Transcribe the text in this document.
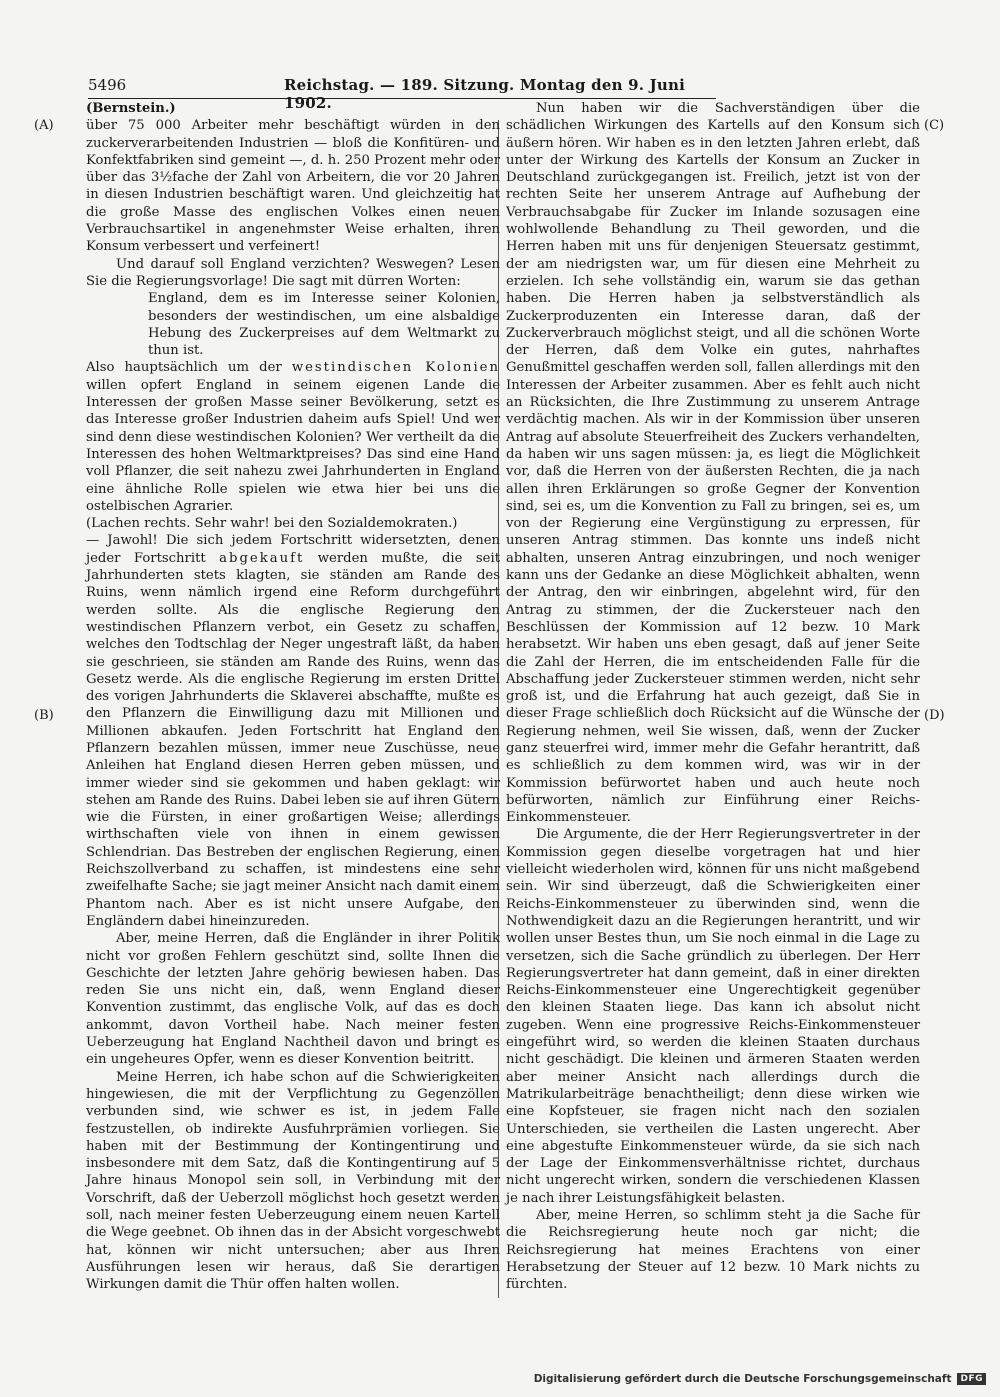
5496	Reichstag. — 189. Sitzung. Montag den 9. Juni 1902.
(A)
(B)
(C)
(D)

(Bernstein.)

über 75 000 Arbeiter mehr beschäftigt würden in den zuckerverarbeitenden Industrien — bloß die Konfitüren- und Konfektfabriken sind gemeint —, d. h. 250 Prozent mehr oder über das 3½fache der Zahl von Arbeitern, die vor 20 Jahren in diesen Industrien beschäftigt waren. Und gleichzeitig hat die große Masse des englischen Volkes einen neuen Verbrauchsartikel in angenehmster Weise erhalten, ihren Konsum verbessert und verfeinert!

Und darauf soll England verzichten? Weswegen? Lesen Sie die Regierungsvorlage! Die sagt mit dürren Worten:

England, dem es im Interesse seiner Kolonien, besonders der westindischen, um eine alsbaldige Hebung des Zuckerpreises auf dem Weltmarkt zu thun ist.

Also hauptsächlich um der westindischen Kolonien willen opfert England in seinem eigenen Lande die Interessen der großen Masse seiner Bevölkerung, setzt es das Interesse großer Industrien daheim aufs Spiel! Und wer sind denn diese westindischen Kolonien? Wer vertheilt da die Interessen des hohen Weltmarktpreises? Das sind eine Hand voll Pflanzer, die seit nahezu zwei Jahrhunderten in England eine ähnliche Rolle spielen wie etwa hier bei uns die ostelbischen Agrarier.

(Lachen rechts. Sehr wahr! bei den Sozialdemokraten.)

— Jawohl! Die sich jedem Fortschritt widersetzten, denen jeder Fortschritt abgekauft werden mußte, die seit Jahrhunderten stets klagten, sie ständen am Rande des Ruins, wenn nämlich irgend eine Reform durchgeführt werden sollte. Als die englische Regierung den westindischen Pflanzern verbot, ein Gesetz zu schaffen, welches den Todtschlag der Neger ungestraft läßt, da haben sie geschrieen, sie ständen am Rande des Ruins, wenn das Gesetz werde. Als die englische Regierung im ersten Drittel des vorigen Jahrhunderts die Sklaverei abschaffte, mußte es den Pflanzern die Einwilligung dazu mit Millionen und Millionen abkaufen. Jeden Fortschritt hat England den Pflanzern bezahlen müssen, immer neue Zuschüsse, neue Anleihen hat England diesen Herren geben müssen, und immer wieder sind sie gekommen und haben geklagt: wir stehen am Rande des Ruins. Dabei leben sie auf ihren Gütern wie die Fürsten, in einer großartigen Weise; allerdings wirthschaften viele von ihnen in einem gewissen Schlendrian. Das Bestreben der englischen Regierung, einen Reichszollverband zu schaffen, ist mindestens eine sehr zweifelhafte Sache; sie jagt meiner Ansicht nach damit einem Phantom nach. Aber es ist nicht unsere Aufgabe, den Engländern dabei hineinzureden.

Aber, meine Herren, daß die Engländer in ihrer Politik nicht vor großen Fehlern geschützt sind, sollte Ihnen die Geschichte der letzten Jahre gehörig bewiesen haben. Das reden Sie uns nicht ein, daß, wenn England dieser Konvention zustimmt, das englische Volk, auf das es doch ankommt, davon Vortheil habe. Nach meiner festen Ueberzeugung hat England Nachtheil davon und bringt es ein ungeheures Opfer, wenn es dieser Konvention beitritt.

Meine Herren, ich habe schon auf die Schwierigkeiten hingewiesen, die mit der Verpflichtung zu Gegenzöllen verbunden sind, wie schwer es ist, in jedem Falle festzustellen, ob indirekte Ausfuhrprämien vorliegen. Sie haben mit der Bestimmung der Kontingentirung und insbesondere mit dem Satz, daß die Kontingentirung auf 5 Jahre hinaus Monopol sein soll, in Verbindung mit der Vorschrift, daß der Ueberzoll möglichst hoch gesetzt werden soll, nach meiner festen Ueberzeugung einem neuen Kartell die Wege geebnet. Ob ihnen das in der Absicht vorgeschwebt hat, können wir nicht untersuchen; aber aus Ihren Ausführungen lesen wir heraus, daß Sie derartigen Wirkungen damit die Thür offen halten wollen.

Nun haben wir die Sachverständigen über die schädlichen Wirkungen des Kartells auf den Konsum sich äußern hören. Wir haben es in den letzten Jahren erlebt, daß unter der Wirkung des Kartells der Konsum an Zucker in Deutschland zurückgegangen ist. Freilich, jetzt ist von der rechten Seite her unserem Antrage auf Aufhebung der Verbrauchsabgabe für Zucker im Inlande sozusagen eine wohlwollende Behandlung zu Theil geworden, und die Herren haben mit uns für denjenigen Steuersatz gestimmt, der am niedrigsten war, um für diesen eine Mehrheit zu erzielen. Ich sehe vollständig ein, warum sie das gethan haben. Die Herren haben ja selbstverständlich als Zuckerproduzenten ein Interesse daran, daß der Zuckerverbrauch möglichst steigt, und all die schönen Worte der Herren, daß dem Volke ein gutes, nahrhaftes Genußmittel geschaffen werden soll, fallen allerdings mit den Interessen der Arbeiter zusammen. Aber es fehlt auch nicht an Rücksichten, die Ihre Zustimmung zu unserem Antrage verdächtig machen. Als wir in der Kommission über unseren Antrag auf absolute Steuerfreiheit des Zuckers verhandelten, da haben wir uns sagen müssen: ja, es liegt die Möglichkeit vor, daß die Herren von der äußersten Rechten, die ja nach allen ihren Erklärungen so große Gegner der Konvention sind, sei es, um die Konvention zu Fall zu bringen, sei es, um von der Regierung eine Vergünstigung zu erpressen, für unseren Antrag stimmen. Das konnte uns indeß nicht abhalten, unseren Antrag einzubringen, und noch weniger kann uns der Gedanke an diese Möglichkeit abhalten, wenn der Antrag, den wir einbringen, abgelehnt wird, für den Antrag zu stimmen, der die Zuckersteuer nach den Beschlüssen der Kommission auf 12 bezw. 10 Mark herabsetzt. Wir haben uns eben gesagt, daß auf jener Seite die Zahl der Herren, die im entscheidenden Falle für die Abschaffung jeder Zuckersteuer stimmen werden, nicht sehr groß ist, und die Erfahrung hat auch gezeigt, daß Sie in dieser Frage schließlich doch Rücksicht auf die Wünsche der Regierung nehmen, weil Sie wissen, daß, wenn der Zucker ganz steuerfrei wird, immer mehr die Gefahr herantritt, daß es schließlich zu dem kommen wird, was wir in der Kommission befürwortet haben und auch heute noch befürworten, nämlich zur Einführung einer Reichs-Einkommensteuer.

Die Argumente, die der Herr Regierungsvertreter in der Kommission gegen dieselbe vorgetragen hat und hier vielleicht wiederholen wird, können für uns nicht maßgebend sein. Wir sind überzeugt, daß die Schwierigkeiten einer Reichs-Einkommensteuer zu überwinden sind, wenn die Nothwendigkeit dazu an die Regierungen herantritt, und wir wollen unser Bestes thun, um Sie noch einmal in die Lage zu versetzen, sich die Sache gründlich zu überlegen. Der Herr Regierungsvertreter hat dann gemeint, daß in einer direkten Reichs-Einkommensteuer eine Ungerechtigkeit gegenüber den kleinen Staaten liege. Das kann ich absolut nicht zugeben. Wenn eine progressive Reichs-Einkommensteuer eingeführt wird, so werden die kleinen Staaten durchaus nicht geschädigt. Die kleinen und ärmeren Staaten werden aber meiner Ansicht nach allerdings durch die Matrikularbeiträge benachtheiligt; denn diese wirken wie eine Kopfsteuer, sie fragen nicht nach den sozialen Unterschieden, sie vertheilen die Lasten ungerecht. Aber eine abgestufte Einkommensteuer würde, da sie sich nach der Lage der Einkommensverhältnisse richtet, durchaus nicht ungerecht wirken, sondern die verschiedenen Klassen je nach ihrer Leistungsfähigkeit belasten.

Aber, meine Herren, so schlimm steht ja die Sache für die Reichsregierung heute noch gar nicht; die Reichsregierung hat meines Erachtens von einer Herabsetzung der Steuer auf 12 bezw. 10 Mark nichts zu fürchten.

Digitalisierung gefördert durch die Deutsche Forschungsgemeinschaft	DFG
